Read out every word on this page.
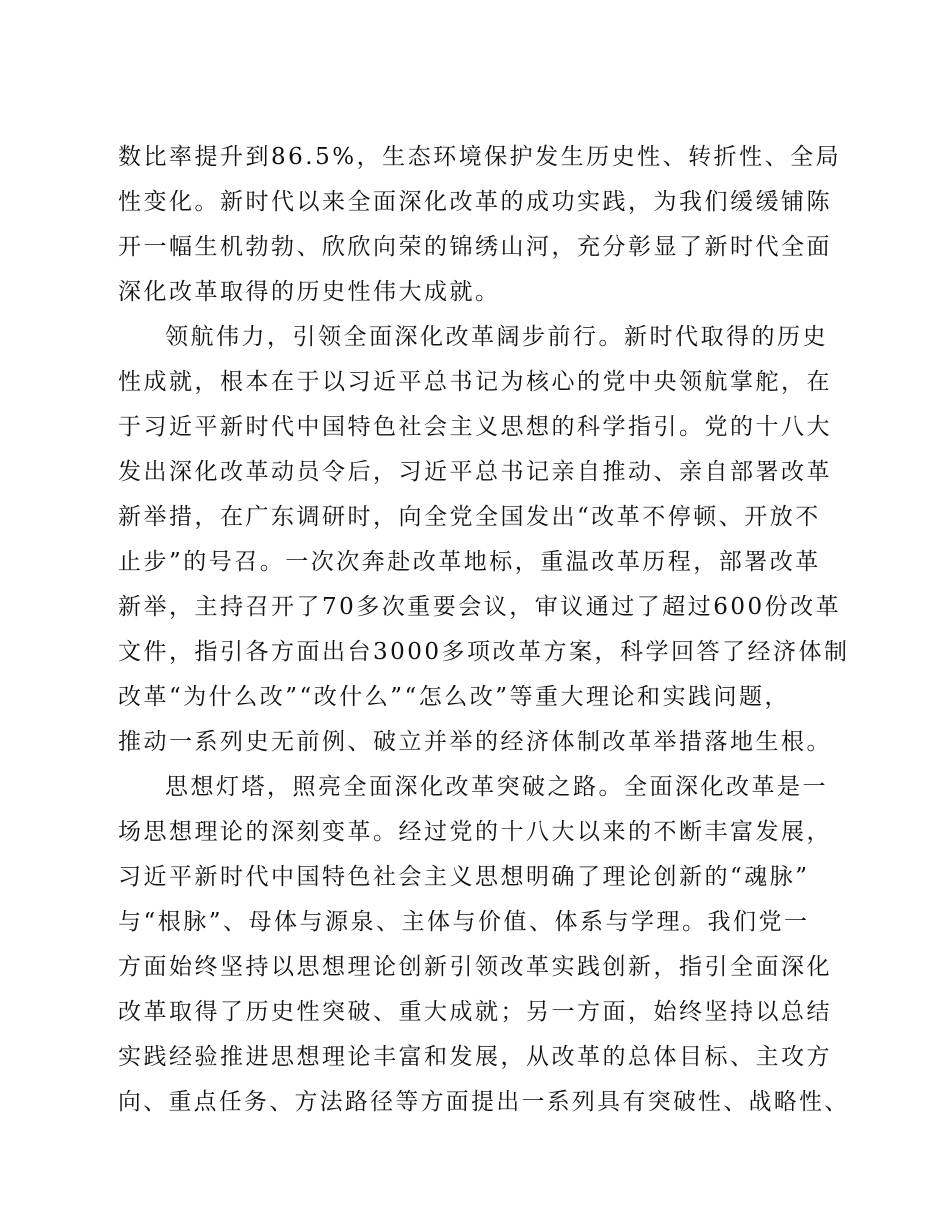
数比率提升到86.5%，生态环境保护发生历史性、转折性、全局
性变化。新时代以来全面深化改革的成功实践，为我们缓缓铺陈
开一幅生机勃勃、欣欣向荣的锦绣山河，充分彰显了新时代全面
深化改革取得的历史性伟大成就。
领航伟力，引领全面深化改革阔步前行。新时代取得的历史
性成就，根本在于以习近平总书记为核心的党中央领航掌舵，在
于习近平新时代中国特色社会主义思想的科学指引。党的十八大
发出深化改革动员令后，习近平总书记亲自推动、亲自部署改革
新举措，在广东调研时，向全党全国发出“改革不停顿、开放不
止步”的号召。一次次奔赴改革地标，重温改革历程，部署改革
新举，主持召开了70多次重要会议，审议通过了超过600份改革
文件，指引各方面出台3000多项改革方案，科学回答了经济体制
改革“为什么改”“改什么”“怎么改”等重大理论和实践问题，
推动一系列史无前例、破立并举的经济体制改革举措落地生根。
思想灯塔，照亮全面深化改革突破之路。全面深化改革是一
场思想理论的深刻变革。经过党的十八大以来的不断丰富发展，
习近平新时代中国特色社会主义思想明确了理论创新的“魂脉”
与“根脉”、母体与源泉、主体与价值、体系与学理。我们党一
方面始终坚持以思想理论创新引领改革实践创新，指引全面深化
改革取得了历史性突破、重大成就；另一方面，始终坚持以总结
实践经验推进思想理论丰富和发展，从改革的总体目标、主攻方
向、重点任务、方法路径等方面提出一系列具有突破性、战略性、
